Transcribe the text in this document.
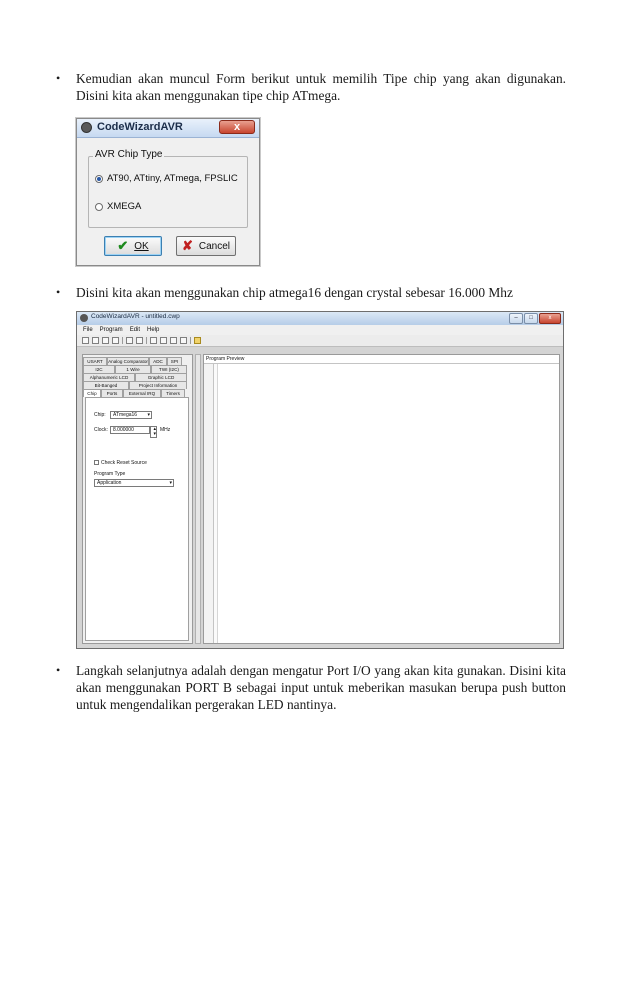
• Kemudian akan muncul Form berikut untuk memilih Tipe chip yang akan digunakan. Disini kita akan menggunakan tipe chip ATmega.
CodeWizardAVR	x
AVR Chip Type
AT90, ATtiny, ATmega, FPSLIC
XMEGA
✔ OK	✘ Cancel
• Disini kita akan menggunakan chip atmega16 dengan crystal sebesar 16.000 Mhz
CodeWizardAVR - untitled.cwp	–	□	x
File Program Edit Help
USART	Analog Comparator	ADC	SPI
I2C	1 Wire	TWI (I2C)
Alphanumeric LCD	Graphic LCD
Bit-Banged	Project Information
Chip	Ports	External IRQ	Timers
Chip:	ATmega16 ▾
Clock:	8.000000	▴
▾
MHz
Check Reset Source
Program Type
Application	▾
Program Preview
• Langkah selanjutnya adalah dengan mengatur Port I/O yang akan kita gunakan. Disini kita akan menggunakan PORT B sebagai input untuk meberikan masukan berupa push button untuk mengendalikan pergerakan LED nantinya.
